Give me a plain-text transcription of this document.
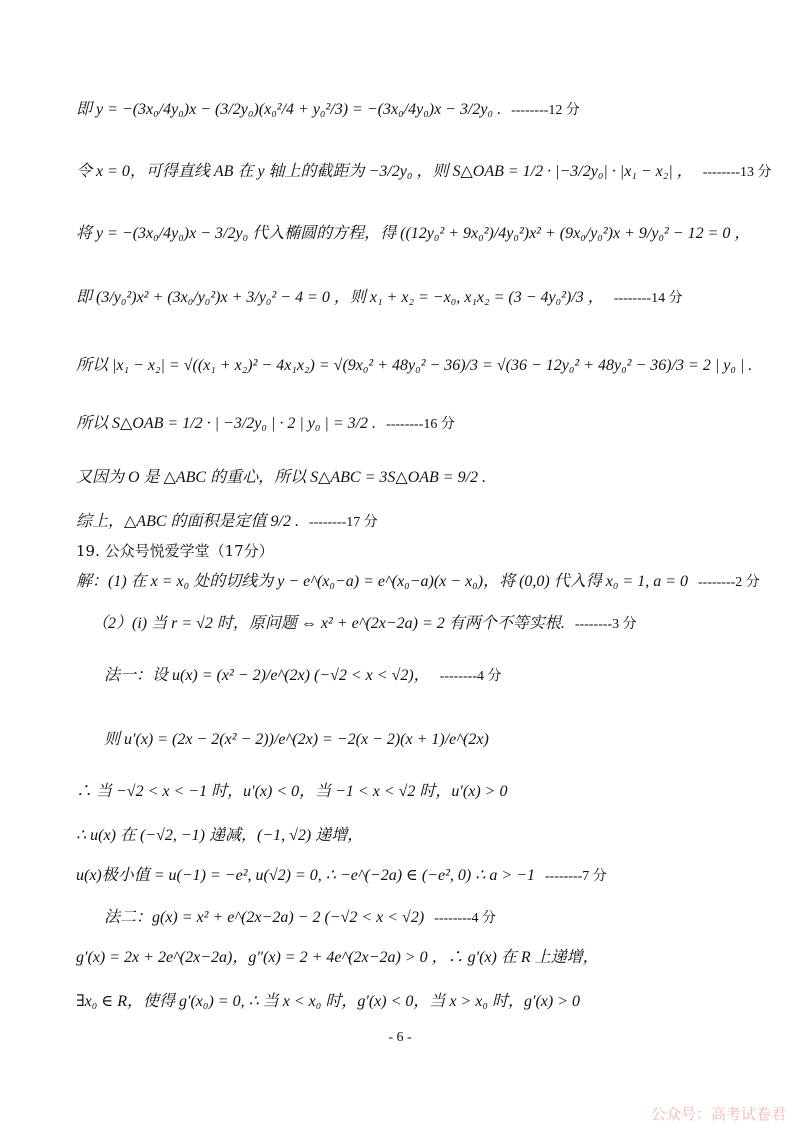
即 y = −(3x₀/4y₀)x − (3/2y₀)(x₀²/4 + y₀²/3) = −(3x₀/4y₀)x − 3/2y₀ . --------12 分
令 x = 0，可得直线 AB 在 y 轴上的截距为 −3/2y₀ ，则 S△OAB = 1/2 · |−3/2y₀| · |x₁ − x₂| ， --------13 分
将 y = −(3x₀/4y₀)x − 3/2y₀ 代入椭圆的方程，得 ((12y₀² + 9x₀²)/4y₀²)x² + (9x₀/y₀²)x + 9/y₀² − 12 = 0 ，
即 (3/y₀²)x² + (3x₀/y₀²)x + 3/y₀² − 4 = 0 ，则 x₁ + x₂ = −x₀, x₁x₂ = (3 − 4y₀²)/3 ， --------14 分
所以 |x₁ − x₂| = √((x₁ + x₂)² − 4x₁x₂) = √(9x₀² + 48y₀² − 36)/3 = √(36 − 12y₀² + 48y₀² − 36)/3 = 2 | y₀ | .
所以 S△OAB = 1/2 · | −3/2y₀ | · 2 | y₀ | = 3/2 . --------16 分
又因为 O 是 △ABC 的重心，所以 S△ABC = 3S△OAB = 9/2 .
综上，△ABC 的面积是定值 9/2 . --------17 分
19. 公众号悦爱学堂（17分）
解：(1) 在 x = x₀ 处的切线为 y − e^(x₀−a) = e^(x₀−a)(x − x₀)，将 (0,0) 代入得 x₀ = 1, a = 0 --------2 分
（2）(i) 当 r = √2 时，原问题 ⇔ x² + e^(2x−2a) = 2 有两个不等实根. --------3 分
法一：设 u(x) = (x² − 2)/e^(2x) (−√2 < x < √2)， --------4 分
则 u′(x) = (2x − 2(x² − 2))/e^(2x) = −2(x − 2)(x + 1)/e^(2x)
∴ 当 −√2 < x < −1 时，u′(x) < 0，当 −1 < x < √2 时，u′(x) > 0
∴ u(x) 在 (−√2, −1) 递减，(−1, √2) 递增，
u(x)极小值 = u(−1) = −e², u(√2) = 0, ∴ −e^(−2a) ∈ (−e², 0) ∴ a > −1 --------7 分
法二：g(x) = x² + e^(2x−2a) − 2 (−√2 < x < √2) --------4 分
g′(x) = 2x + 2e^(2x−2a)，g″(x) = 2 + 4e^(2x−2a) > 0 ，∴ g′(x) 在 R 上递增，
∃x₀ ∈ R，使得 g′(x₀) = 0, ∴ 当 x < x₀ 时，g′(x) < 0，当 x > x₀ 时，g′(x) > 0
- 6 -
公众号：高考试卷君
